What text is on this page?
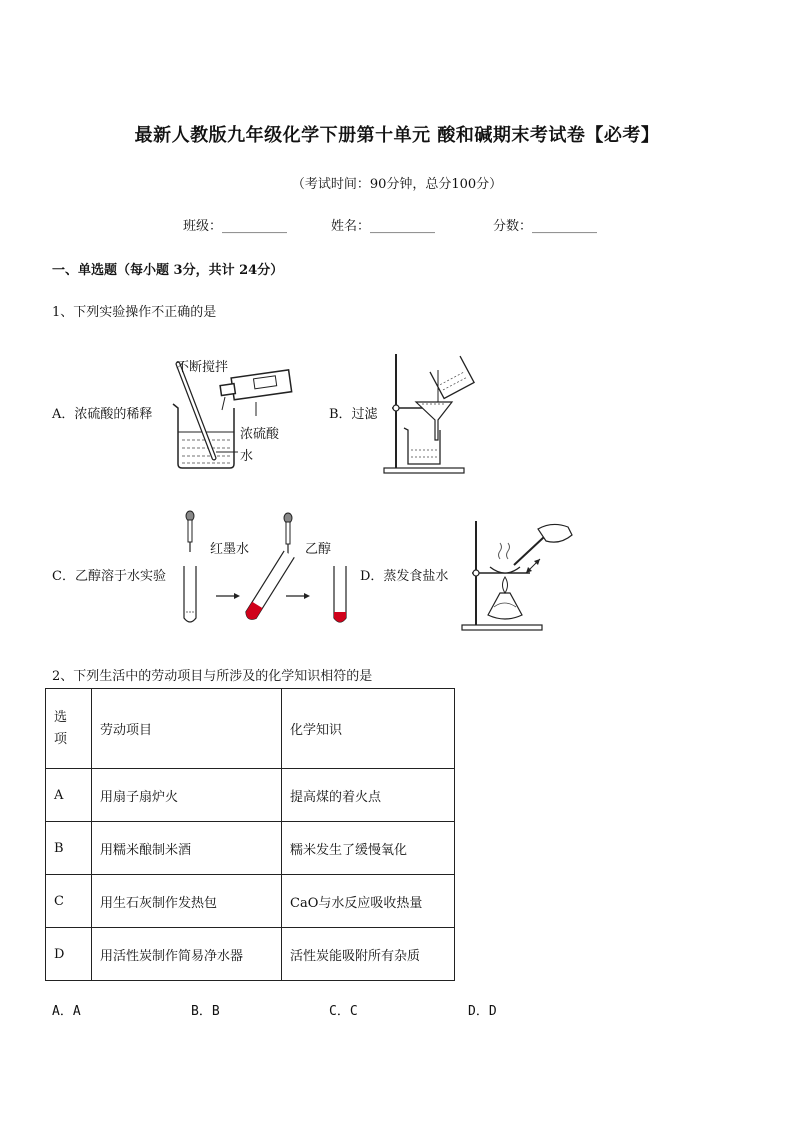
最新人教版九年级化学下册第十单元 酸和碱期末考试卷【必考】
（考试时间：90分钟，总分100分）
班级：__________	姓名：__________	分数：__________
一、单选题（每小题 3分，共计 24分）
1、下列实验操作不正确的是
A．浓硫酸的稀释
不断搅拌
浓硫酸
水
B．过滤
C．乙醇溶于水实验
红墨水	乙醇
D．蒸发食盐水
2、下列生活中的劳动项目与所涉及的化学知识相符的是
选
项	劳动项目	化学知识
A	用扇子扇炉火	提高煤的着火点
B	用糯米酿制米酒	糯米发生了缓慢氧化
C	用生石灰制作发热包	CaO与水反应吸收热量
D	用活性炭制作简易净水器	活性炭能吸附所有杂质
A．A	B．B	C．C	D．D
